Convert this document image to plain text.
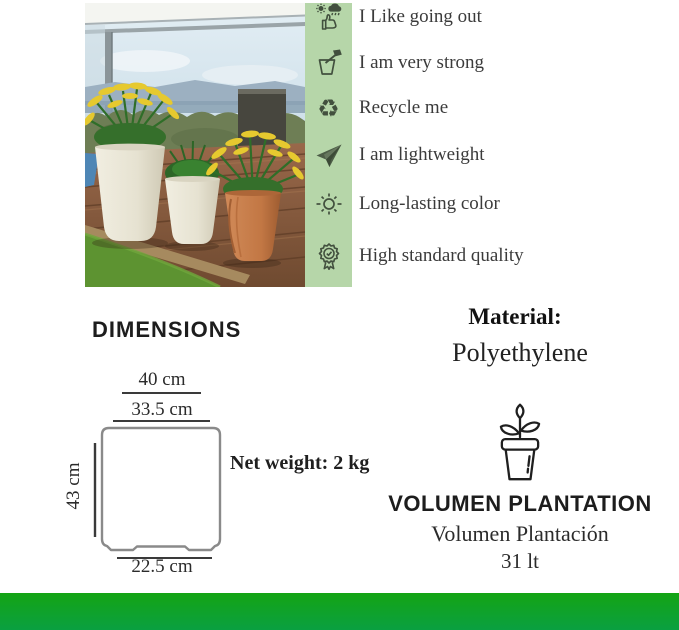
I Like going out
I am very strong
♻ Recycle me
I am lightweight
Long-lasting color
High standard quality
DIMENSIONS
40 cm
33.5 cm
43 cm
22.5 cm
Net weight: 2 kg
Material:
Polyethylene
VOLUMEN PLANTATION
Volumen Plantación
31 lt
